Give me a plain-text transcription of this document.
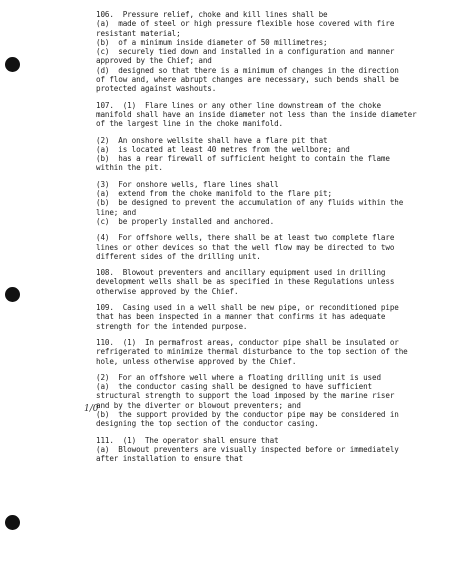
1/0
106.  Pressure relief, choke and kill lines shall be
(a)  made of steel or high pressure flexible hose covered with fire
resistant material;
(b)  of a minimum inside diameter of 50 millimetres;
(c)  securely tied down and installed in a configuration and manner
approved by the Chief; and
(d)  designed so that there is a minimum of changes in the direction
of flow and, where abrupt changes are necessary, such bends shall be
protected against washouts.
107.  (1)  Flare lines or any other line downstream of the choke
manifold shall have an inside diameter not less than the inside diameter
of the largest line in the choke manifold.
(2)  An onshore wellsite shall have a flare pit that
(a)  is located at least 40 metres from the wellbore; and
(b)  has a rear firewall of sufficient height to contain the flame
within the pit.
(3)  For onshore wells, flare lines shall
(a)  extend from the choke manifold to the flare pit;
(b)  be designed to prevent the accumulation of any fluids within the
line; and
(c)  be properly installed and anchored.
(4)  For offshore wells, there shall be at least two complete flare
lines or other devices so that the well flow may be directed to two
different sides of the drilling unit.
108.  Blowout preventers and ancillary equipment used in drilling
development wells shall be as specified in these Regulations unless
otherwise approved by the Chief.
109.  Casing used in a well shall be new pipe, or reconditioned pipe
that has been inspected in a manner that confirms it has adequate
strength for the intended purpose.
110.  (1)  In permafrost areas, conductor pipe shall be insulated or
refrigerated to minimize thermal disturbance to the top section of the
hole, unless otherwise approved by the Chief.
(2)  For an offshore well where a floating drilling unit is used
(a)  the conductor casing shall be designed to have sufficient
structural strength to support the load imposed by the marine riser
and by the diverter or blowout preventers; and
(b)  the support provided by the conductor pipe may be considered in
designing the top section of the conductor casing.
111.  (1)  The operator shall ensure that
(a)  Blowout preventers are visually inspected before or immediately
after installation to ensure that
